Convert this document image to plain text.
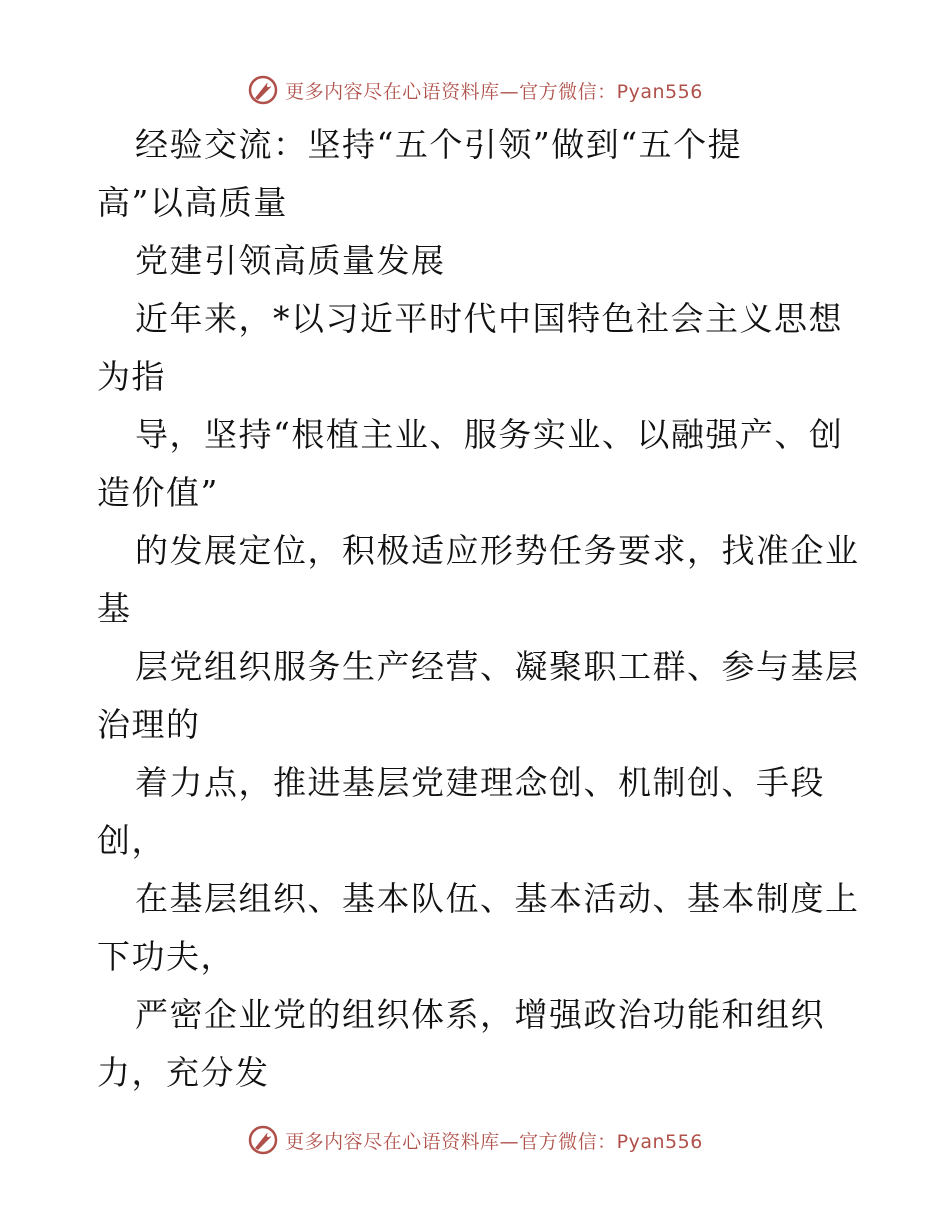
更多内容尽在心语资料库—官方微信：Pyan556
经验交流：坚持“五个引领”做到“五个提
高”以高质量
党建引领高质量发展
近年来，*以习近平时代中国特色社会主义思想
为指
导，坚持“根植主业、服务实业、以融强产、创
造价值”
的发展定位，积极适应形势任务要求，找准企业
基
层党组织服务生产经营、凝聚职工群、参与基层
治理的
着力点，推进基层党建理念创、机制创、手段
创，
在基层组织、基本队伍、基本活动、基本制度上
下功夫，
严密企业党的组织体系，增强政治功能和组织
力，充分发
更多内容尽在心语资料库—官方微信：Pyan556
